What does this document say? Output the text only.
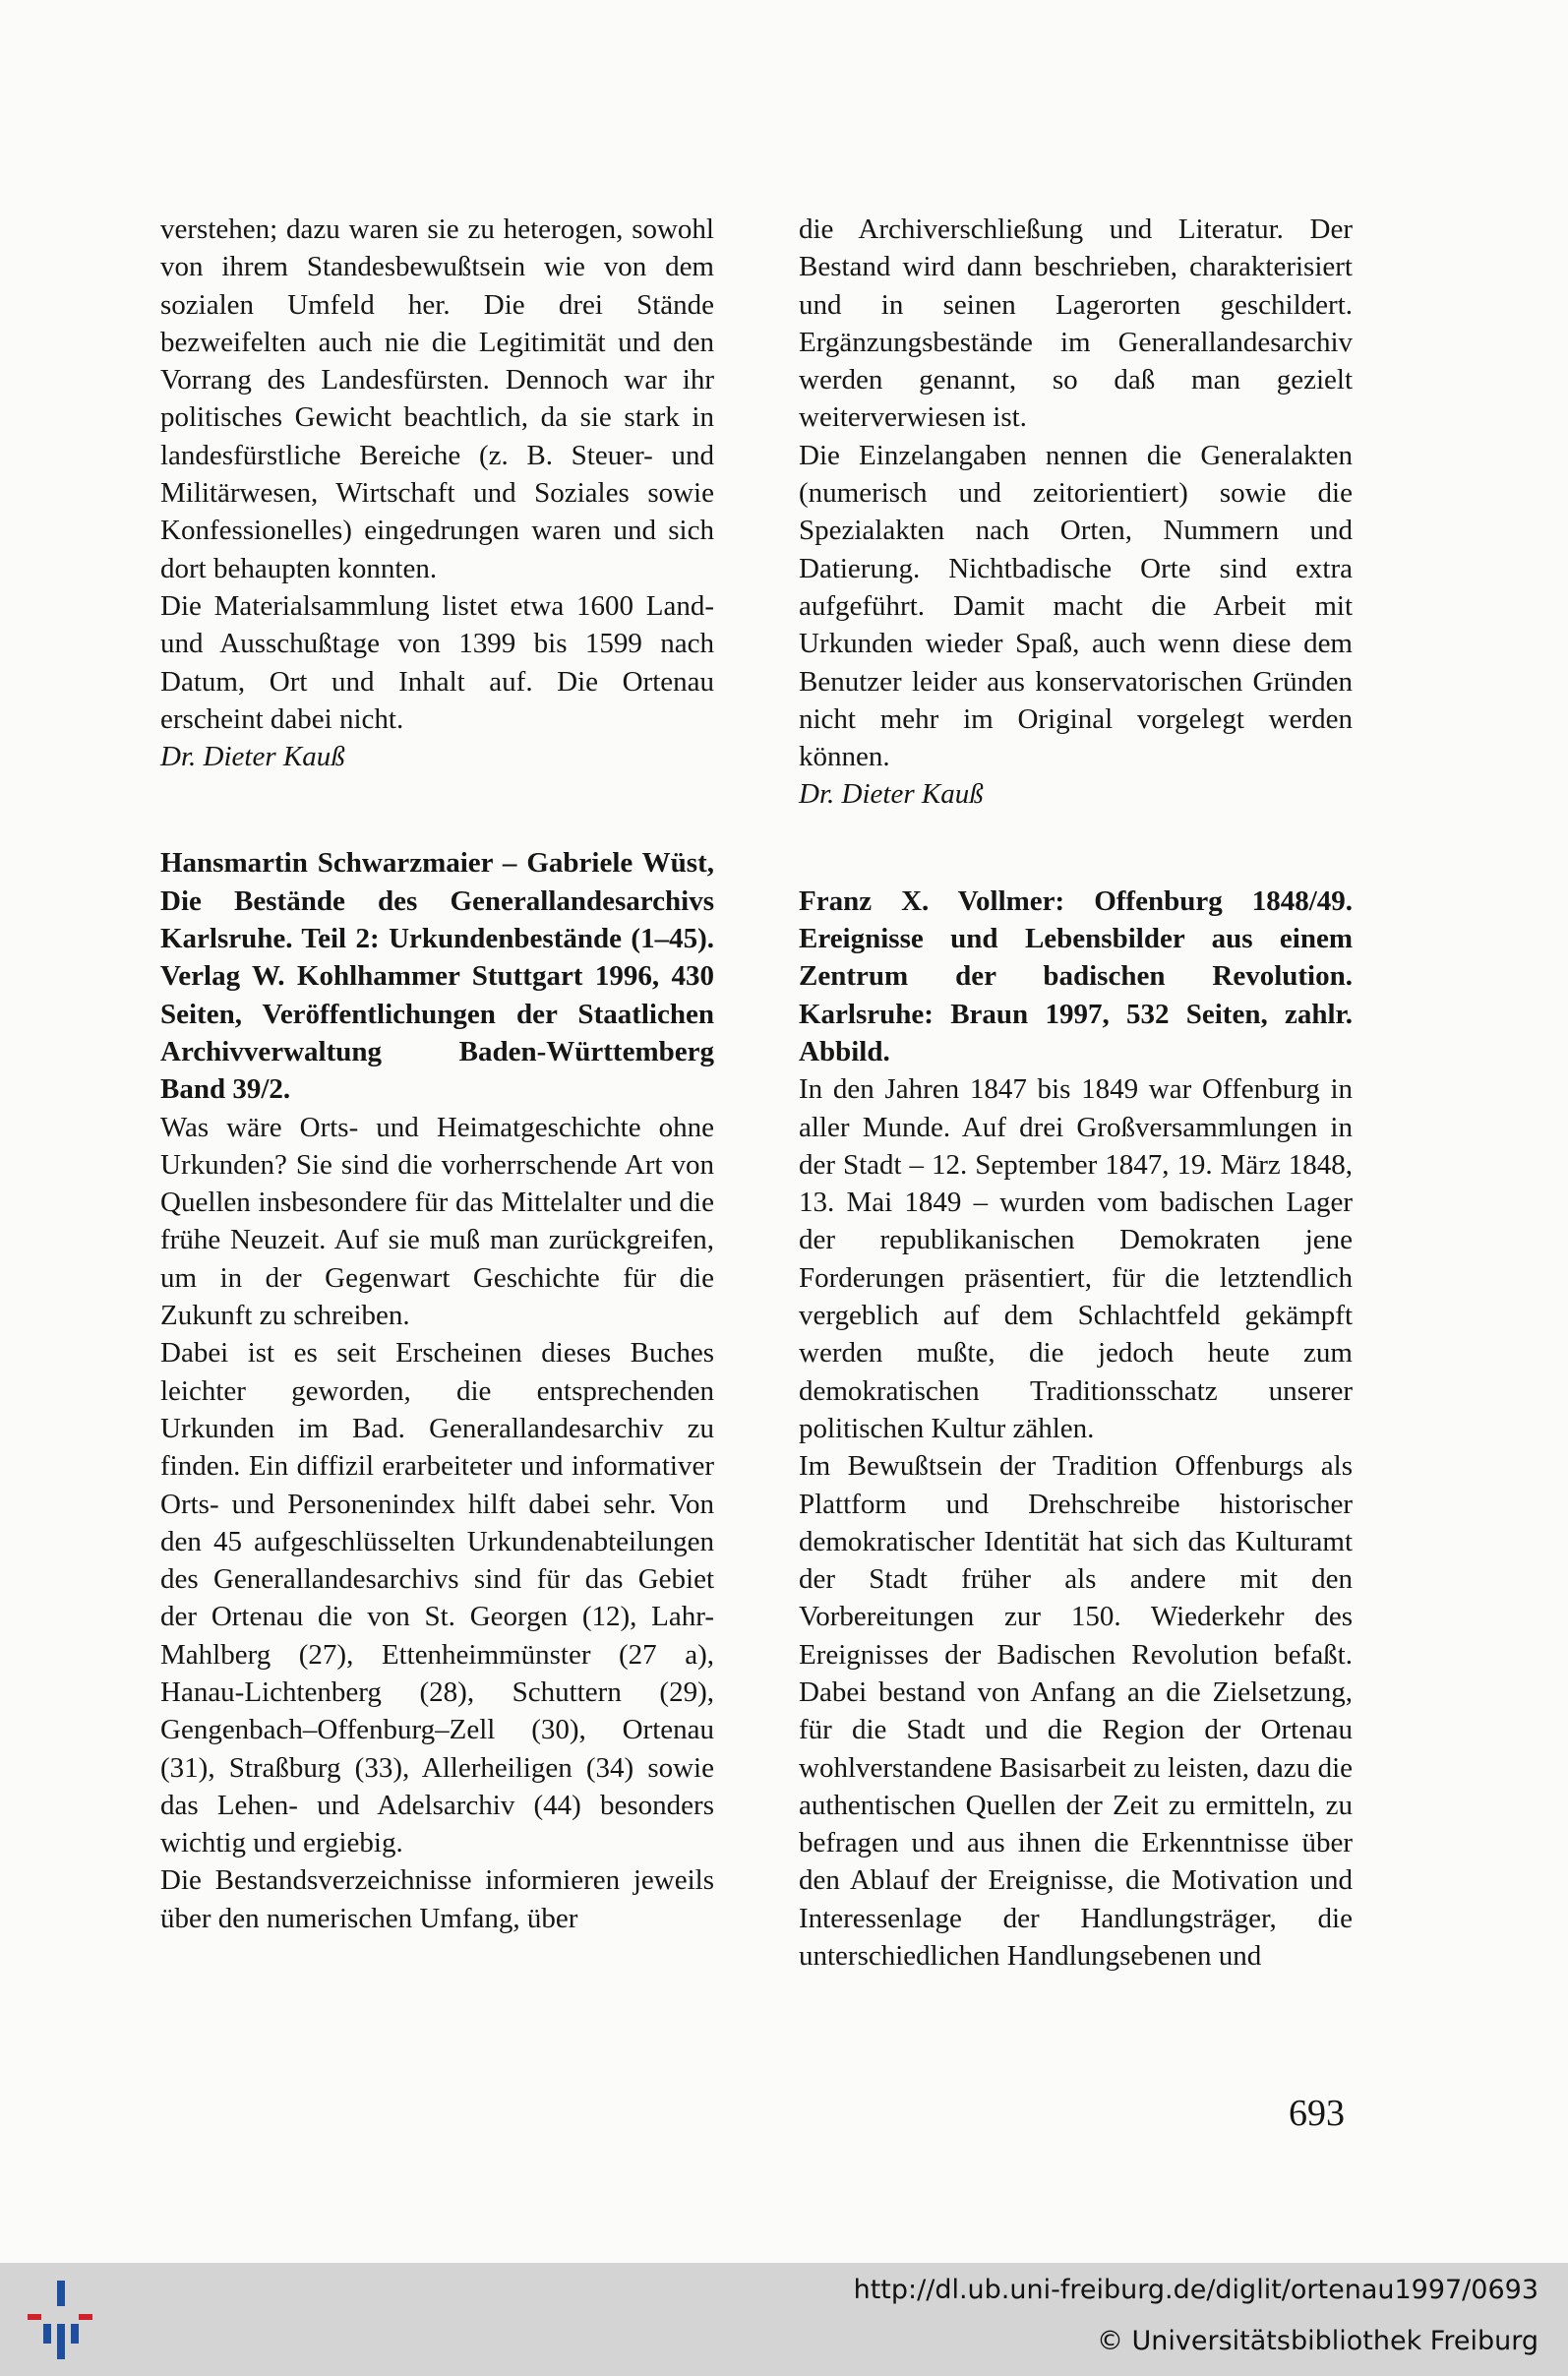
verstehen; dazu waren sie zu heterogen, sowohl von ihrem Standesbewußtsein wie von dem sozialen Umfeld her. Die drei Stände bezweifelten auch nie die Legitimität und den Vorrang des Landesfürsten. Dennoch war ihr politisches Gewicht beachtlich, da sie stark in landesfürstliche Bereiche (z. B. Steuer- und Militärwesen, Wirtschaft und Soziales sowie Konfessionelles) eingedrungen waren und sich dort behaupten konnten.

Die Materialsammlung listet etwa 1600 Land- und Ausschußtage von 1399 bis 1599 nach Datum, Ort und Inhalt auf. Die Ortenau erscheint dabei nicht.

Dr. Dieter Kauß

Hansmartin Schwarzmaier – Gabriele Wüst, Die Bestände des Generallandesarchivs Karlsruhe. Teil 2: Urkundenbestände (1–45). Verlag W. Kohlhammer Stuttgart 1996, 430 Seiten, Veröffentlichungen der Staatlichen Archivverwaltung Baden-Württemberg Band 39/2.

Was wäre Orts- und Heimatgeschichte ohne Urkunden? Sie sind die vorherrschende Art von Quellen insbesondere für das Mittelalter und die frühe Neuzeit. Auf sie muß man zurückgreifen, um in der Gegenwart Geschichte für die Zukunft zu schreiben.

Dabei ist es seit Erscheinen dieses Buches leichter geworden, die entsprechenden Urkunden im Bad. Generallandesarchiv zu finden. Ein diffizil erarbeiteter und informativer Orts- und Personenindex hilft dabei sehr. Von den 45 aufgeschlüsselten Urkundenabteilungen des Generallandesarchivs sind für das Gebiet der Ortenau die von St. Georgen (12), Lahr-Mahlberg (27), Ettenheimmünster (27 a), Hanau-Lichtenberg (28), Schuttern (29), Gengenbach–Offenburg–Zell (30), Ortenau (31), Straßburg (33), Allerheiligen (34) sowie das Lehen- und Adelsarchiv (44) besonders wichtig und ergiebig.

Die Bestandsverzeichnisse informieren jeweils über den numerischen Umfang, über

die Archiverschließung und Literatur. Der Bestand wird dann beschrieben, charakterisiert und in seinen Lagerorten geschildert. Ergänzungsbestände im Generallandesarchiv werden genannt, so daß man gezielt weiterverwiesen ist.

Die Einzelangaben nennen die Generalakten (numerisch und zeitorientiert) sowie die Spezialakten nach Orten, Nummern und Datierung. Nichtbadische Orte sind extra aufgeführt. Damit macht die Arbeit mit Urkunden wieder Spaß, auch wenn diese dem Benutzer leider aus konservatorischen Gründen nicht mehr im Original vorgelegt werden können.

Dr. Dieter Kauß

Franz X. Vollmer: Offenburg 1848/49. Ereignisse und Lebensbilder aus einem Zentrum der badischen Revolution. Karlsruhe: Braun 1997, 532 Seiten, zahlr. Abbild.

In den Jahren 1847 bis 1849 war Offenburg in aller Munde. Auf drei Großversammlungen in der Stadt – 12. September 1847, 19. März 1848, 13. Mai 1849 – wurden vom badischen Lager der republikanischen Demokraten jene Forderungen präsentiert, für die letztendlich vergeblich auf dem Schlachtfeld gekämpft werden mußte, die jedoch heute zum demokratischen Traditionsschatz unserer politischen Kultur zählen.

Im Bewußtsein der Tradition Offenburgs als Plattform und Drehschreibe historischer demokratischer Identität hat sich das Kulturamt der Stadt früher als andere mit den Vorbereitungen zur 150. Wiederkehr des Ereignisses der Badischen Revolution befaßt. Dabei bestand von Anfang an die Zielsetzung, für die Stadt und die Region der Ortenau wohlverstandene Basisarbeit zu leisten, dazu die authentischen Quellen der Zeit zu ermitteln, zu befragen und aus ihnen die Erkenntnisse über den Ablauf der Ereignisse, die Motivation und Interessenlage der Handlungsträger, die unterschiedlichen Handlungsebenen und

693
http://dl.ub.uni-freiburg.de/diglit/ortenau1997/0693
© Universitätsbibliothek Freiburg
